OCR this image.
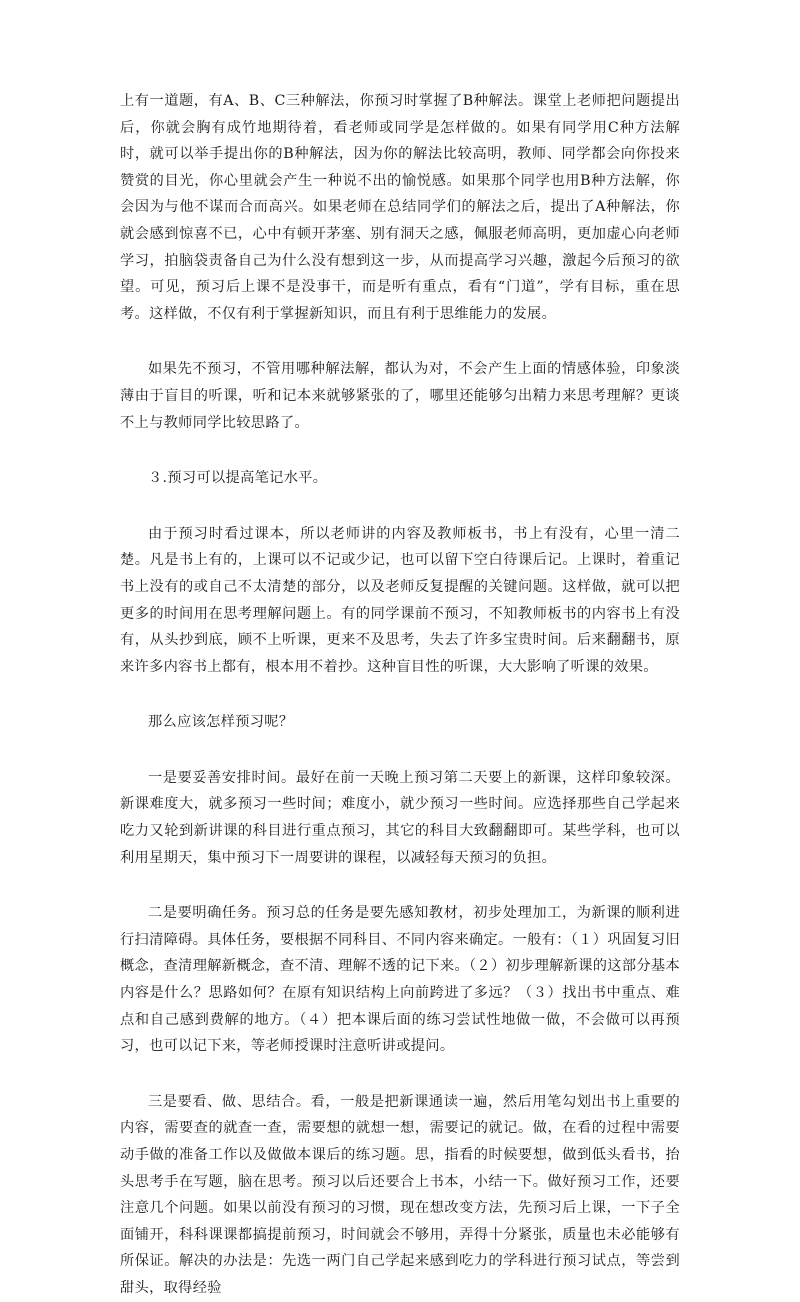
上有一道题，有A、B、C三种解法，你预习时掌握了B种解法。课堂上老师把问题提出后，你就会胸有成竹地期待着，看老师或同学是怎样做的。如果有同学用C种方法解时，就可以举手提出你的B种解法，因为你的解法比较高明，教师、同学都会向你投来赞赏的目光，你心里就会产生一种说不出的愉悦感。如果那个同学也用B种方法解，你会因为与他不谋而合而高兴。如果老师在总结同学们的解法之后，提出了A种解法，你就会感到惊喜不已，心中有顿开茅塞、别有洞天之感，佩服老师高明，更加虚心向老师学习，拍脑袋责备自己为什么没有想到这一步，从而提高学习兴趣，激起今后预习的欲望。可见，预习后上课不是没事干，而是听有重点，看有“门道”，学有目标，重在思考。这样做，不仅有利于掌握新知识，而且有利于思维能力的发展。

如果先不预习，不管用哪种解法解，都认为对，不会产生上面的情感体验，印象淡薄由于盲目的听课，听和记本来就够紧张的了，哪里还能够匀出精力来思考理解？更谈不上与教师同学比较思路了。

３.预习可以提高笔记水平。

由于预习时看过课本，所以老师讲的内容及教师板书，书上有没有，心里一清二楚。凡是书上有的，上课可以不记或少记，也可以留下空白待课后记。上课时，着重记书上没有的或自己不太清楚的部分，以及老师反复提醒的关键问题。这样做，就可以把更多的时间用在思考理解问题上。有的同学课前不预习，不知教师板书的内容书上有没有，从头抄到底，顾不上听课，更来不及思考，失去了许多宝贵时间。后来翻翻书，原来许多内容书上都有，根本用不着抄。这种盲目性的听课，大大影响了听课的效果。

那么应该怎样预习呢？

一是要妥善安排时间。最好在前一天晚上预习第二天要上的新课，这样印象较深。新课难度大，就多预习一些时间；难度小，就少预习一些时间。应选择那些自己学起来吃力又轮到新讲课的科目进行重点预习，其它的科目大致翻翻即可。某些学科，也可以利用星期天，集中预习下一周要讲的课程，以减轻每天预习的负担。

二是要明确任务。预习总的任务是要先感知教材，初步处理加工，为新课的顺利进行扫清障碍。具体任务，要根据不同科目、不同内容来确定。一般有：（１）巩固复习旧概念，查清理解新概念，查不清、理解不透的记下来。（２）初步理解新课的这部分基本内容是什么？思路如何？在原有知识结构上向前跨进了多远？（３）找出书中重点、难点和自己感到费解的地方。（４）把本课后面的练习尝试性地做一做，不会做可以再预习，也可以记下来，等老师授课时注意听讲或提问。

三是要看、做、思结合。看，一般是把新课通读一遍，然后用笔勾划出书上重要的内容，需要查的就查一查，需要想的就想一想，需要记的就记。做，在看的过程中需要动手做的准备工作以及做做本课后的练习题。思，指看的时候要想，做到低头看书，抬头思考手在写题，脑在思考。预习以后还要合上书本，小结一下。做好预习工作，还要注意几个问题。如果以前没有预习的习惯，现在想改变方法，先预习后上课，一下子全面铺开，科科课课都搞提前预习，时间就会不够用，弄得十分紧张，质量也未必能够有所保证。解决的办法是：先选一两门自己学起来感到吃力的学科进行预习试点，等尝到甜头，取得经验
